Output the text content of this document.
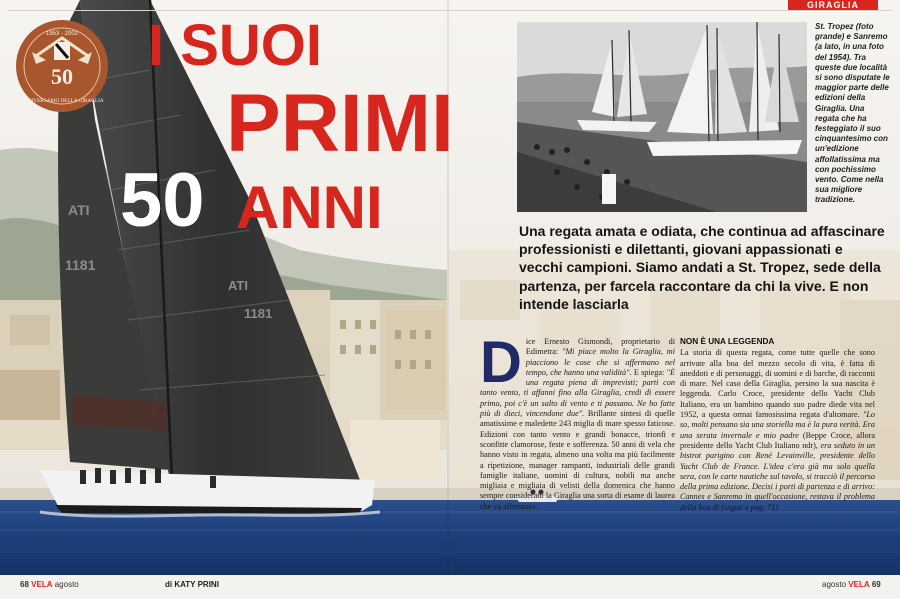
ATI
1181
ATI
1181
1953 - 2002
50
ANNIVERSARIO DELLA GIRAGLIA
I SUOI
PRIMI
50 ANNI
GIRAGLIA
St. Tropez (foto grande) e Sanremo (a lato, in una foto del 1954). Tra queste due località si sono disputate le maggior parte delle edizioni della Giraglia. Una regata che ha festeggiato il suo cinquantesimo con un'edizione affollatissima ma con pochissimo vento. Come nella sua migliore tradizione.
Una regata amata e odiata, che continua ad affascinare professionisti e dilettanti, giovani appassionati e vecchi campioni. Siamo andati a St. Tropez, sede della partenza, per farcela raccontare da chi la vive. E non intende lasciarla
Dice Ernesto Gismondi, proprietario di Edimetra: "Mi piace molto la Giraglia, mi piacciono le cose che si affermano nel tempo, che hanno una validità". E spiega: "È una regata piena di imprevisti; parti con tanto vento, ti affanni fino alla Giraglia, credi di essere primo, poi c'è un salto di vento e ti passano. Ne ho fatte più di dieci, vincendone due". Brillante sintesi di quelle amatissime e maledette 243 miglia di mare spesso faticose. Edizioni con tanto vento e grandi bonacce, trionfi e sconfitte clamorose, feste e sofferenza. 50 anni di vela che hanno visto in regata, almeno una volta ma più facilmente a ripetizione, manager rampanti, industriali delle grandi famiglie italiane, uomini di cultura, nobili ma anche migliaia e migliaia di velisti della domenica che hanno sempre considerato la Giraglia una sorta di esame di laurea che va affrontato.
NON È UNA LEGGENDA
La storia di questa regata, come tutte quelle che sono arrivate alla boa del mezzo secolo di vita, è fatta di aneddoti e di personaggi, di uomini e di barche, di racconti di mare. Nel caso della Giraglia, persino la sua nascita è leggenda. Carlo Croce, presidente dello Yacht Club Italiano, era un bambino quando suo padre diede vita nel 1952, a questa ormai famosissima regata d'altomare. "Lo so, molti pensano sia una storiella ma è la pura verità. Era una serata invernale e mio padre (Beppe Croce, allora presidente dello Yacht Club Italiano ndr), era seduto in un bistrot parigino con René Levainville, presidente dello Yacht Club de France. L'idea c'era già ma solo quella sera, con le carte nautiche sul tavolo, si tracciò il percorso della prima edizione. Decisi i porti di partenza e di arrivo: Cannes e Sanremo in quell'occasione, restava il problema della boa di (segue a pag. 71)
68 VELA agosto	di KATY PRINI	agosto VELA 69
